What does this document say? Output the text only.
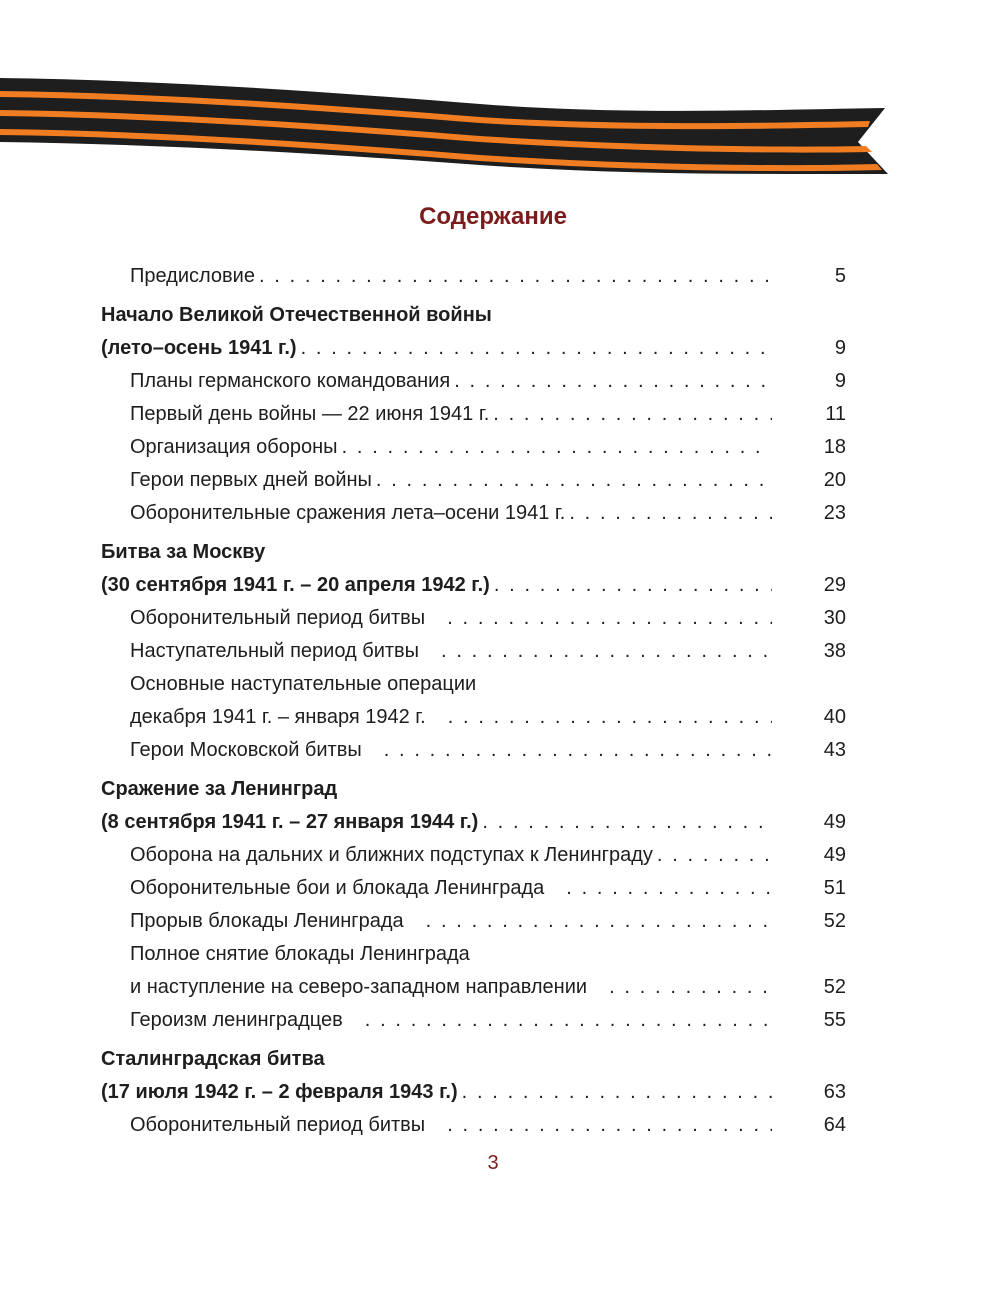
Содержание
Предисловие . . .	5
Начало Великой Отечественной войны
(лето–осень 1941 г.) . . .	9
Планы германского командования . . .	9
Первый день войны — 22 июня 1941 г. . . .	11
Организация обороны . . .	18
Герои первых дней войны . . .	20
Оборонительные сражения лета–осени 1941 г. . . .	23
Битва за Москву
(30 сентября 1941 г. – 20 апреля 1942 г.) . . .	29
Оборонительный период битвы . . .	30
Наступательный период битвы . . .	38
Основные наступательные операции
декабря 1941 г. – января 1942 г. . . .	40
Герои Московской битвы . . .	43
Сражение за Ленинград
(8 сентября 1941 г. – 27 января 1944 г.) . . .	49
Оборона на дальних и ближних подступах к Ленинграду . . .	49
Оборонительные бои и блокада Ленинграда . . .	51
Прорыв блокады Ленинграда . . .	52
Полное снятие блокады Ленинграда
и наступление на северо-западном направлении . . .	52
Героизм ленинградцев . . .	55
Сталинградская битва
(17 июля 1942 г. – 2 февраля 1943 г.) . . .	63
Оборонительный период битвы . . .	64
3
